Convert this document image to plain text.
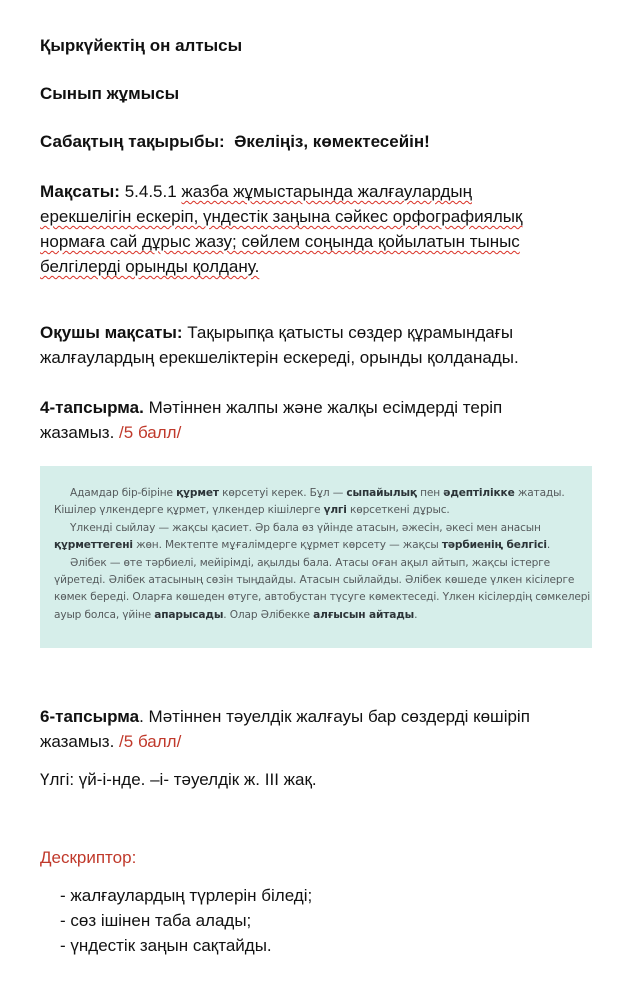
Қыркүйектің он алтысы

Сынып жұмысы

Сабақтың тақырыбы: Әкеліңіз, көмектесейін!

Мақсаты: 5.4.5.1 жазба жұмыстарында жалғаулардың
ерекшелігін ескеріп, үндестік заңына сәйкес орфографиялық
нормаға сай дұрыс жазу; сөйлем соңында қойылатын тыныс
белгілерді орынды қолдану.

Оқушы мақсаты: Тақырыпқа қатысты сөздер құрамындағы
жалғаулардың ерекшеліктерін ескереді, орынды қолданады.

4-тапсырма. Мәтіннен жалпы және жалқы есімдерді теріп
жазамыз. /5 балл/

Адамдар бір-біріне құрмет көрсетуі керек. Бұл — сыпайылық пен әдептілікке жатады.
Кішілер үлкендерге құрмет, үлкендер кішілерге үлгі көрсеткені дұрыс.
Үлкенді сыйлау — жақсы қасиет. Әр бала өз үйінде атасын, әжесін, әкесі мен анасын
құрметтегені жөн. Мектепте мұғалімдерге құрмет көрсету — жақсы тәрбиенің белгісі.
Әлібек — өте тәрбиелі, мейірімді, ақылды бала. Атасы оған ақыл айтып, жақсы істерге
үйретеді. Әлібек атасының сөзін тыңдайды. Атасын сыйлайды. Әлібек көшеде үлкен кісілерге
көмек береді. Оларға көшеден өтуге, автобустан түсуге көмектеседі. Үлкен кісілердің сөмкелері
ауыр болса, үйіне апарысады. Олар Әлібекке алғысын айтады.

6-тапсырма. Мәтіннен тәуелдік жалғауы бар сөздерді көшіріп
жазамыз. /5 балл/

Үлгі: үй-і-нде. –і- тәуелдік ж. ІІІ жақ.

Дескриптор:

- жалғаулардың түрлерін біледі;

- сөз ішінен таба алады;

- үндестік заңын сақтайды.
